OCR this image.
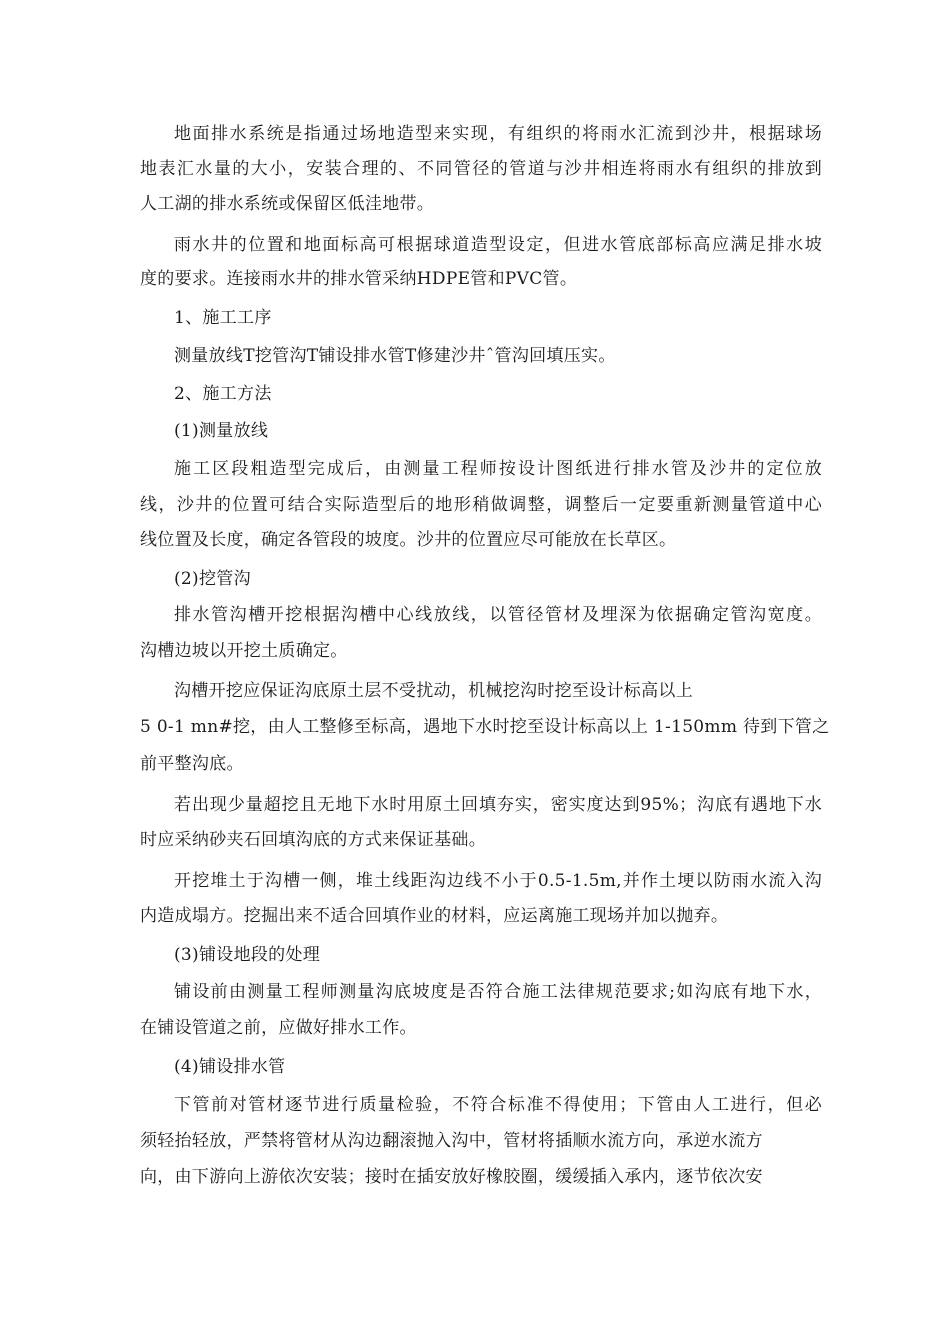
地面排水系统是指通过场地造型来实现，有组织的将雨水汇流到沙井，根据球场
地表汇水量的大小，安装合理的、不同管径的管道与沙井相连将雨水有组织的排放到
人工湖的排水系统或保留区低洼地带。
雨水井的位置和地面标高可根据球道造型设定，但进水管底部标高应满足排水坡
度的要求。连接雨水井的排水管采纳HDPE管和PVC管。
1、施工工序
测量放线T挖管沟T铺设排水管T修建沙井ˆ管沟回填压实。
2、施工方法
(1)测量放线
施工区段粗造型完成后，由测量工程师按设计图纸进行排水管及沙井的定位放
线，沙井的位置可结合实际造型后的地形稍做调整，调整后一定要重新测量管道中心
线位置及长度，确定各管段的坡度。沙井的位置应尽可能放在长草区。
(2)挖管沟
排水管沟槽开挖根据沟槽中心线放线，以管径管材及埋深为依据确定管沟宽度。
沟槽边坡以开挖土质确定。
沟槽开挖应保证沟底原土层不受扰动，机械挖沟时挖至设计标高以上
5 0-1 mn#挖，由人工整修至标高，遇地下水时挖至设计标高以上 1-150mm 待到下管之
前平整沟底。
若出现少量超挖且无地下水时用原土回填夯实，密实度达到95%；沟底有遇地下水
时应采纳砂夹石回填沟底的方式来保证基础。
开挖堆土于沟槽一侧，堆土线距沟边线不小于0.5-1.5m,并作土埂以防雨水流入沟
内造成塌方。挖掘出来不适合回填作业的材料，应运离施工现场并加以抛弃。
(3)铺设地段的处理
铺设前由测量工程师测量沟底坡度是否符合施工法律规范要求;如沟底有地下水，
在铺设管道之前，应做好排水工作。
(4)铺设排水管
下管前对管材逐节进行质量检验，不符合标准不得使用；下管由人工进行，但必
须轻抬轻放，严禁将管材从沟边翻滚抛入沟中，管材将插顺水流方向，承逆水流方
向，由下游向上游依次安装；接时在插安放好橡胶圈，缓缓插入承内，逐节依次安
